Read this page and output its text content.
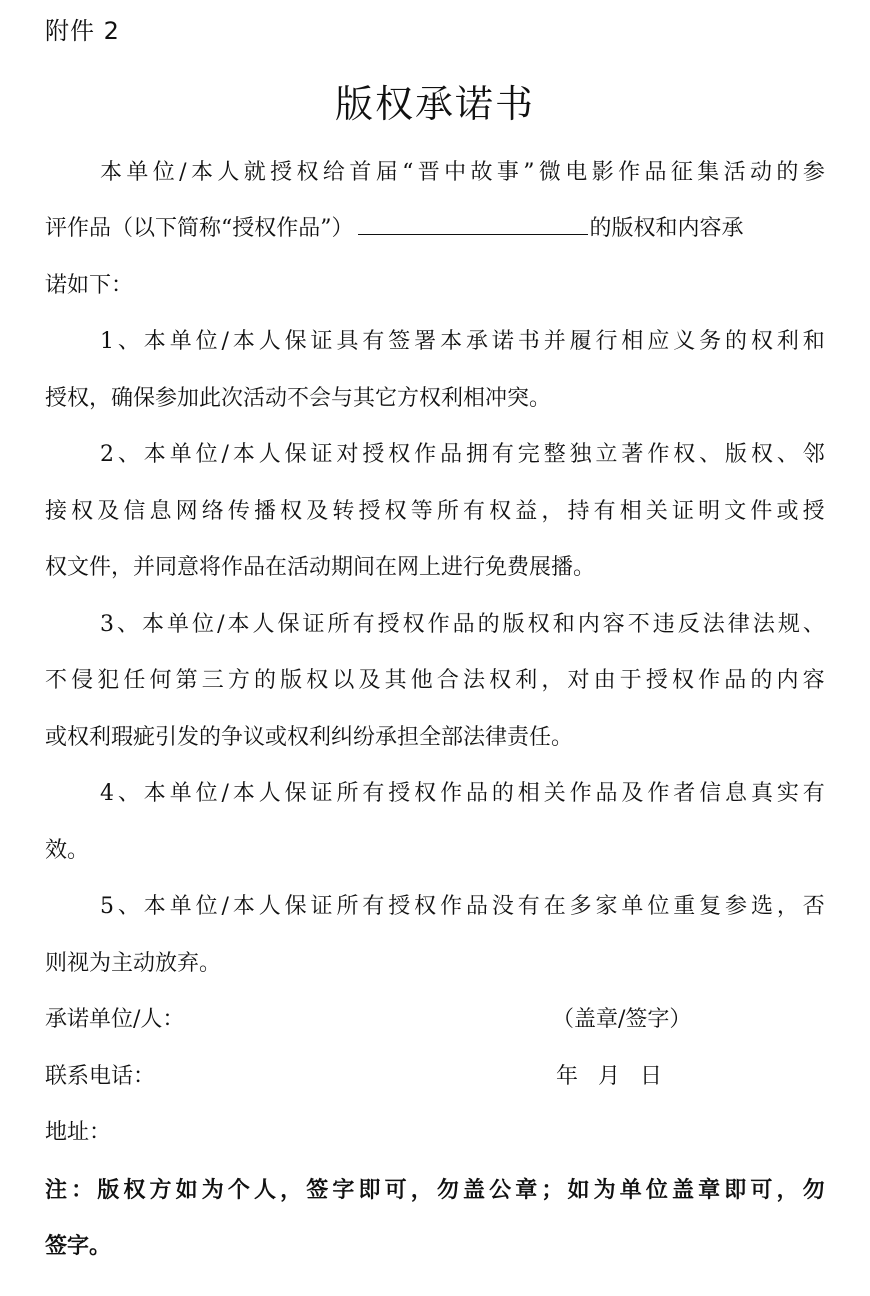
附件 2
版权承诺书
本 单 位 / 本 人 就 授 权 给 首 届 “ 晋 中 故 事 ” 微 电 影 作 品 征 集 活 动 的 参
评作品（以下简称“授权作品”）	的版权和内容承
诺如下：
1 、 本 单 位 / 本 人 保 证 具 有 签 署 本 承 诺 书 并 履 行 相 应 义 务 的 权 利 和
授权，确保参加此次活动不会与其它方权利相冲突。
2 、 本 单 位 / 本 人 保 证 对 授 权 作 品 拥 有 完 整 独 立 著 作 权 、 版 权 、 邻
接 权 及 信 息 网 络 传 播 权 及 转 授 权 等 所 有 权 益 ， 持 有 相 关 证 明 文 件 或 授
权文件，并同意将作品在活动期间在网上进行免费展播。
3 、 本 单 位 / 本 人 保 证 所 有 授 权 作 品 的 版 权 和 内 容 不 违 反 法 律 法 规 、
不 侵 犯 任 何 第 三 方 的 版 权 以 及 其 他 合 法 权 利 ， 对 由 于 授 权 作 品 的 内 容
或权利瑕疵引发的争议或权利纠纷承担全部法律责任。
4 、 本 单 位 / 本 人 保 证 所 有 授 权 作 品 的 相 关 作 品 及 作 者 信 息 真 实 有
效。
5 、 本 单 位 / 本 人 保 证 所 有 授 权 作 品 没 有 在 多 家 单 位 重 复 参 选 ， 否
则视为主动放弃。
承诺单位/人：	（盖章/签字）
联系电话：	年 月 日
地址：
注 ： 版 权 方 如 为 个 人 ， 签 字 即 可 ， 勿 盖 公 章 ； 如 为 单 位 盖 章 即 可 ， 勿
签字。
